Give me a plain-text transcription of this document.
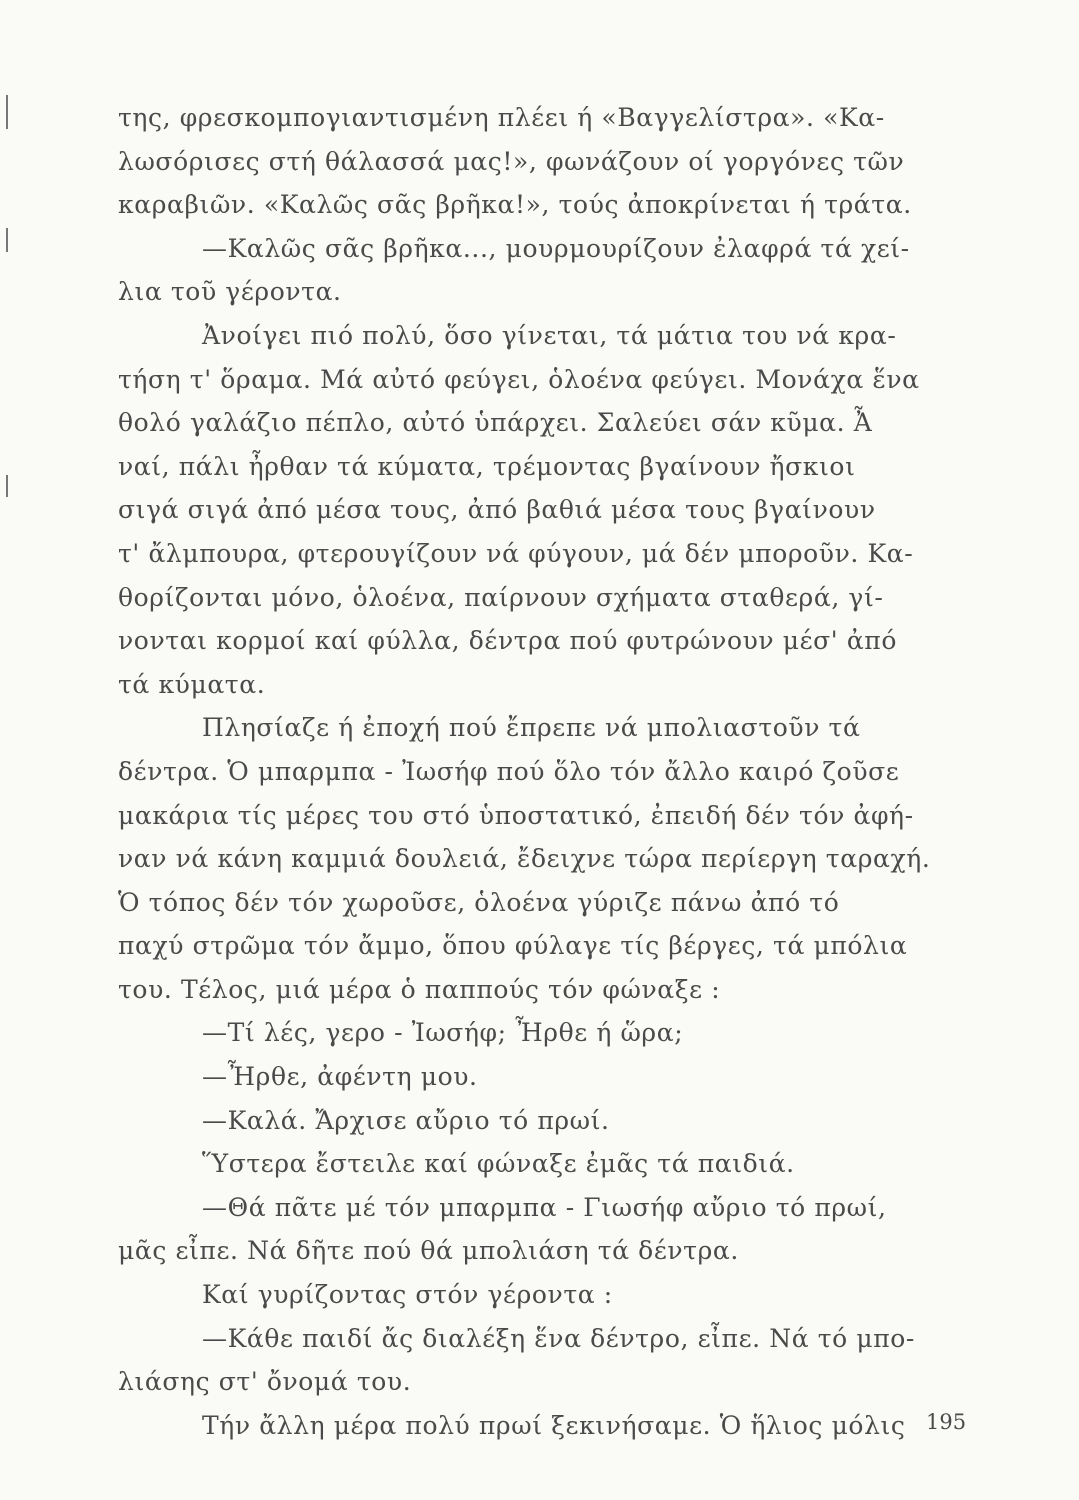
της, φρεσκομπογιαντισμένη πλέει ή «Βαγγελίστρα». «Κα-
λωσόρισες στή θάλασσά μας!», φωνάζουν οί γοργόνες τῶν
καραβιῶν. «Καλῶς σᾶς βρῆκα!», τούς ἀποκρίνεται ή τράτα.
—Καλῶς σᾶς βρῆκα..., μουρμουρίζουν ἐλαφρά τά χεί-
λια τοῦ γέροντα.
Ἀνοίγει πιό πολύ, ὅσο γίνεται, τά μάτια του νά κρα-
τήση τ' ὅραμα. Μά αὐτό φεύγει, ὁλοένα φεύγει. Μονάχα ἕνα
θολό γαλάζιο πέπλο, αὐτό ὑπάρχει. Σαλεύει σάν κῦμα. Ἆ
ναί, πάλι ἦρθαν τά κύματα, τρέμοντας βγαίνουν ἤσκιοι
σιγά σιγά ἀπό μέσα τους, ἀπό βαθιά μέσα τους βγαίνουν
τ' ἄλμπουρα, φτερουγίζουν νά φύγουν, μά δέν μποροῦν. Κα-
θορίζονται μόνο, ὁλοένα, παίρνουν σχήματα σταθερά, γί-
νονται κορμοί καί φύλλα, δέντρα πού φυτρώνουν μέσ' ἀπό
τά κύματα.
Πλησίαζε ή ἐποχή πού ἔπρεπε νά μπολιαστοῦν τά
δέντρα. Ὁ μπαρμπα - Ἰωσήφ πού ὅλο τόν ἄλλο καιρό ζοῦσε
μακάρια τίς μέρες του στό ὑποστατικό, ἐπειδή δέν τόν ἀφή-
ναν νά κάνη καμμιά δουλειά, ἔδειχνε τώρα περίεργη ταραχή.
Ὁ τόπος δέν τόν χωροῦσε, ὁλοένα γύριζε πάνω ἀπό τό
παχύ στρῶμα τόν ἄμμο, ὅπου φύλαγε τίς βέργες, τά μπόλια
του. Τέλος, μιά μέρα ὁ παππούς τόν φώναξε :
—Τί λές, γερο - Ἰωσήφ; Ἦρθε ή ὥρα;
—Ἦρθε, ἀφέντη μου.
—Καλά. Ἄρχισε αὔριο τό πρωί.
Ὕστερα ἔστειλε καί φώναξε ἐμᾶς τά παιδιά.
—Θά πᾶτε μέ τόν μπαρμπα - Γιωσήφ αὔριο τό πρωί,
μᾶς εἶπε. Νά δῆτε πού θά μπολιάση τά δέντρα.
Καί γυρίζοντας στόν γέροντα :
—Κάθε παιδί ἄς διαλέξη ἕνα δέντρο, εἶπε. Νά τό μπο-
λιάσης στ' ὄνομά του.
Τήν ἄλλη μέρα πολύ πρωί ξεκινήσαμε. Ὁ ἥλιος μόλις 195
